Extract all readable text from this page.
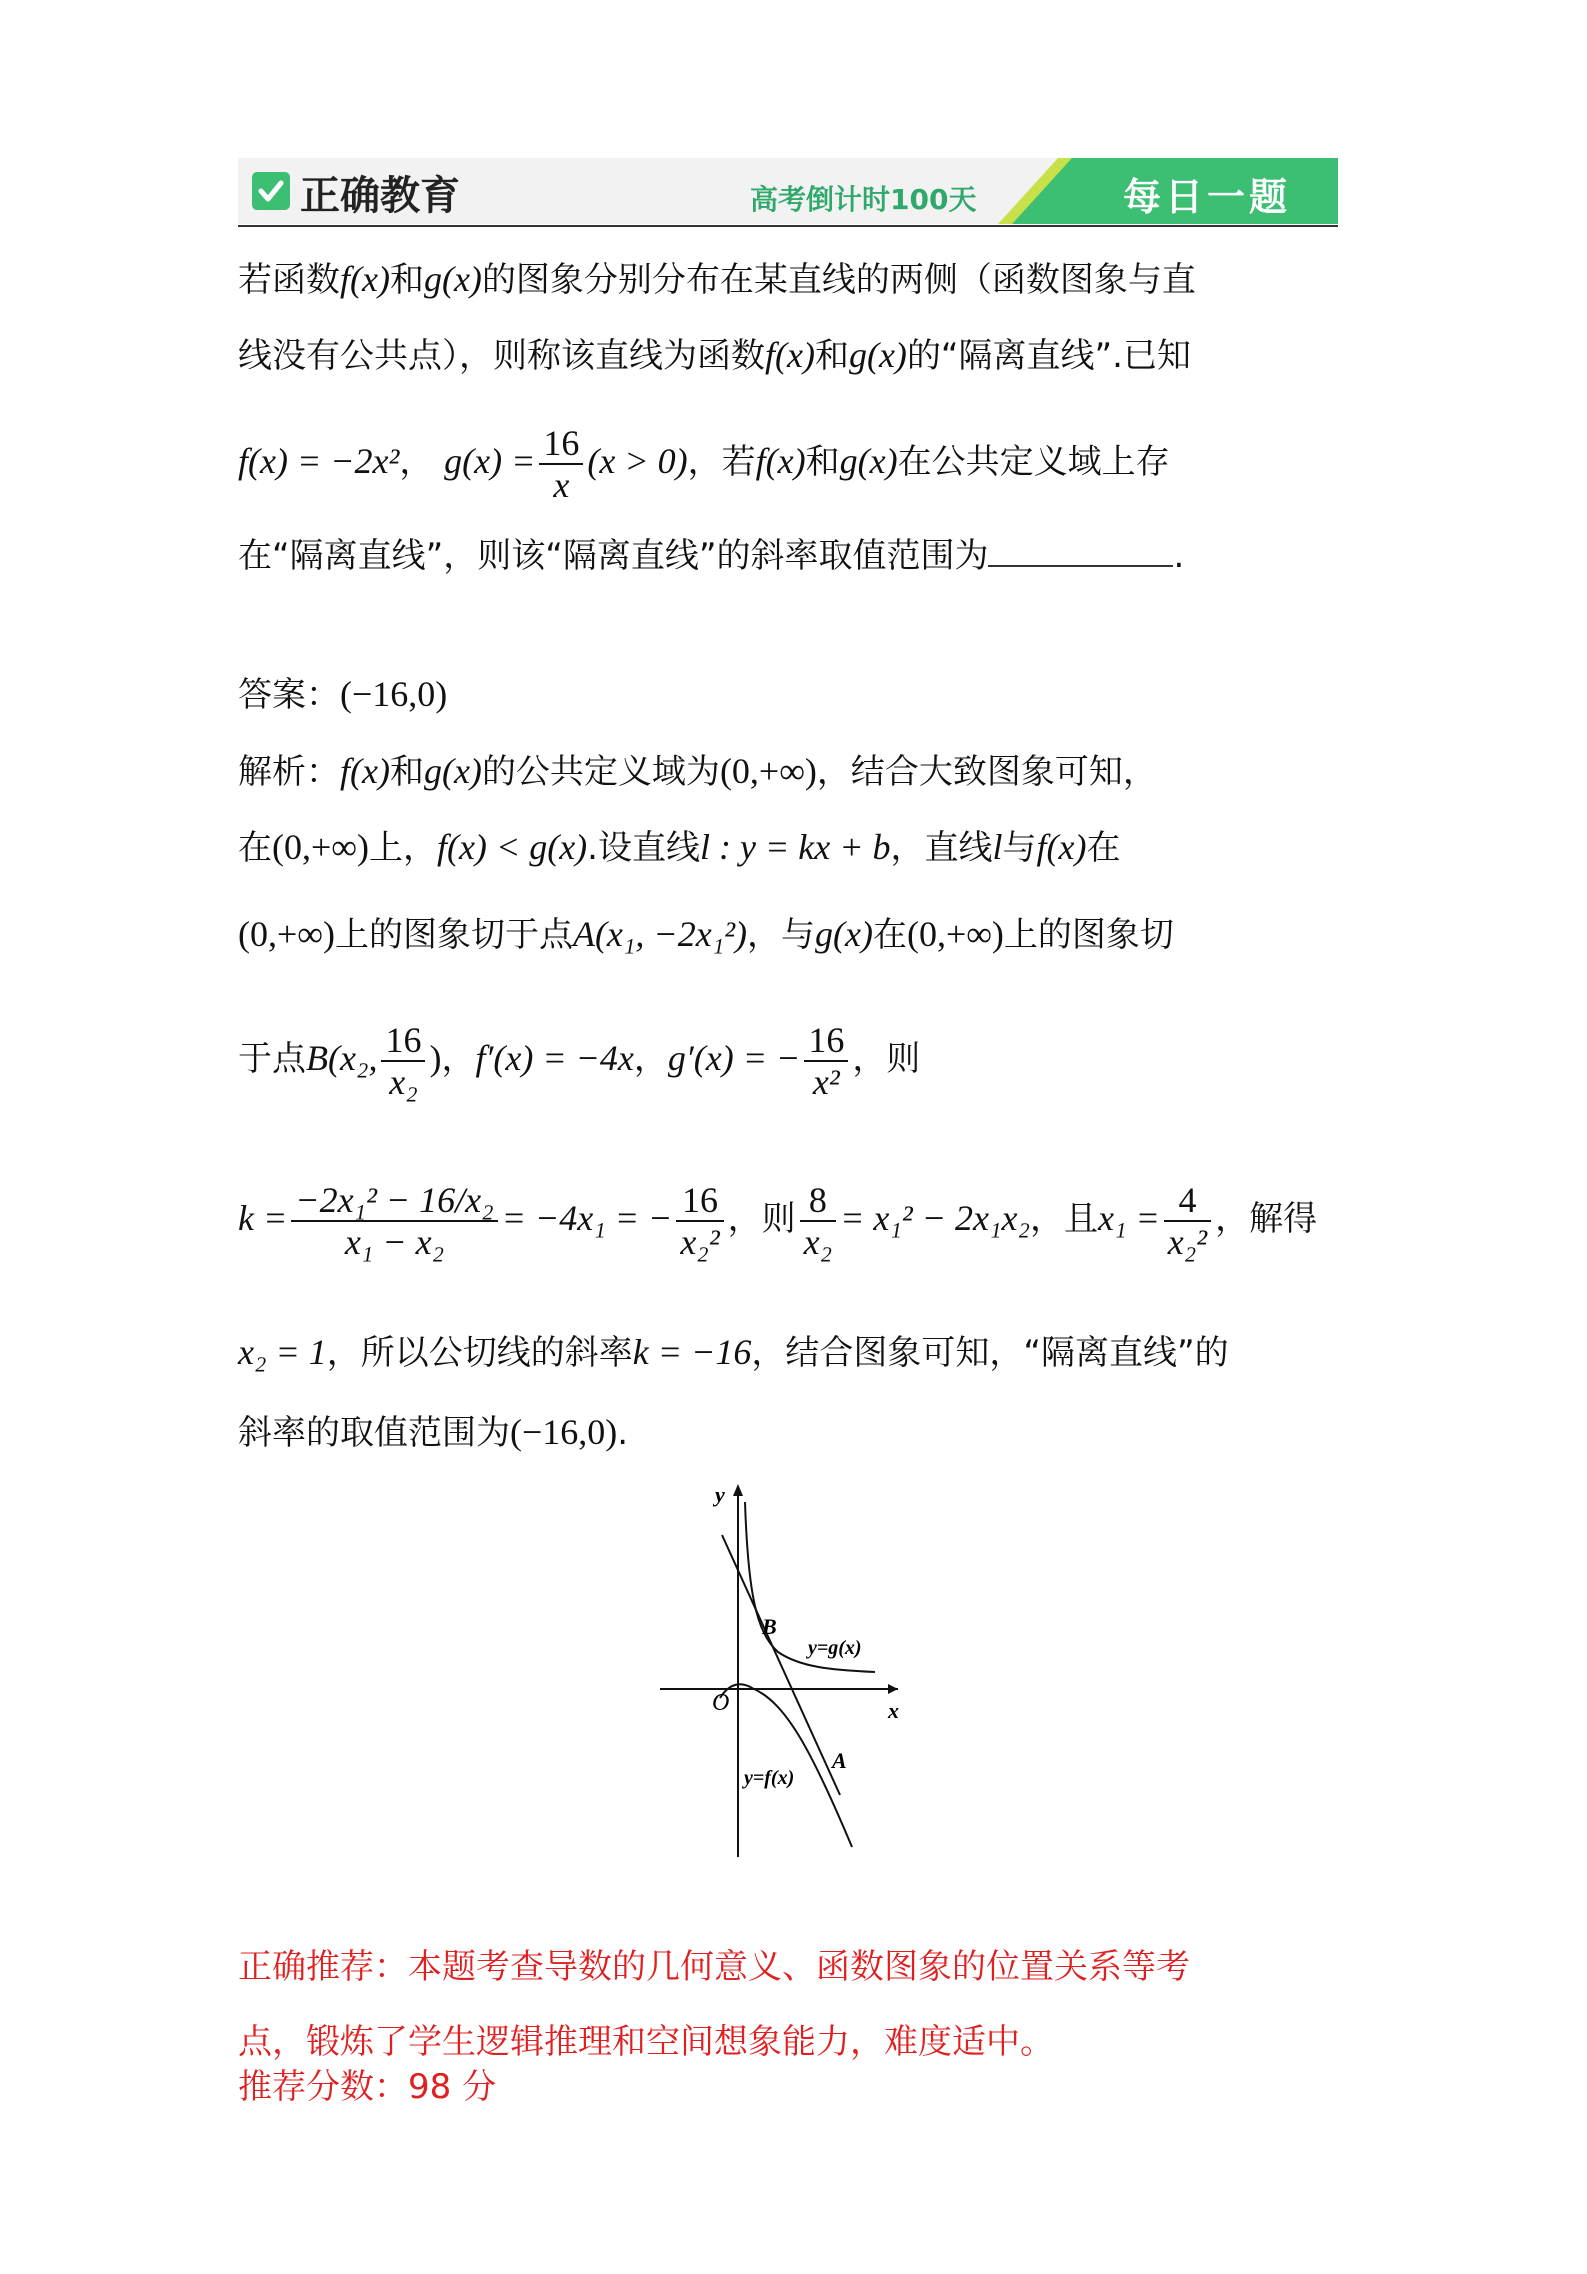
正确教育	高考倒计时100天	每日一题
若函数f(x)和g(x)的图象分别分布在某直线的两侧（函数图象与直
线没有公共点），则称该直线为函数f(x)和g(x)的“隔离直线”.已知
f(x) = −2x²， $g(x) = \frac{16}{x} (x > 0)$，若f(x)和g(x)在公共定义域上存
在“隔离直线”，则该“隔离直线”的斜率取值范围为	.
答案：(−16,0)
解析：f(x)和g(x)的公共定义域为(0,+∞)，结合大致图象可知，
在(0,+∞)上，f(x) < g(x).设直线l : y = kx + b，直线l与f(x)在
(0,+∞)上的图象切于点A(x₁, −2x₁²)，与g(x)在(0,+∞)上的图象切
于点B(x₂, $\frac{16}{\text{x₂}}$ )，f′(x) = −4x，g′(x) = − $\frac{16}{\text{x²}}$ ，则
$k = \frac{\text{−2x₁² − 16/x₂}}{\text{x₁ − x₂}} = -4x_1$ = − $\frac{16}{\text{x₂²}}$ ，则 $\frac{8}{\text{x₂}} = x_1^2 - 2x_1x_2$，且$x_1 = \frac{4}{\text{x₂²}}$ ，解得
x₂ = 1，所以公切线的斜率k = −16，结合图象可知，“隔离直线”的
斜率的取值范围为(−16,0).
y
x
O
B
A
y=g(x)
y=f(x)
正确推荐：本题考查导数的几何意义、函数图象的位置关系等考
点，锻炼了学生逻辑推理和空间想象能力，难度适中。
推荐分数：98 分
